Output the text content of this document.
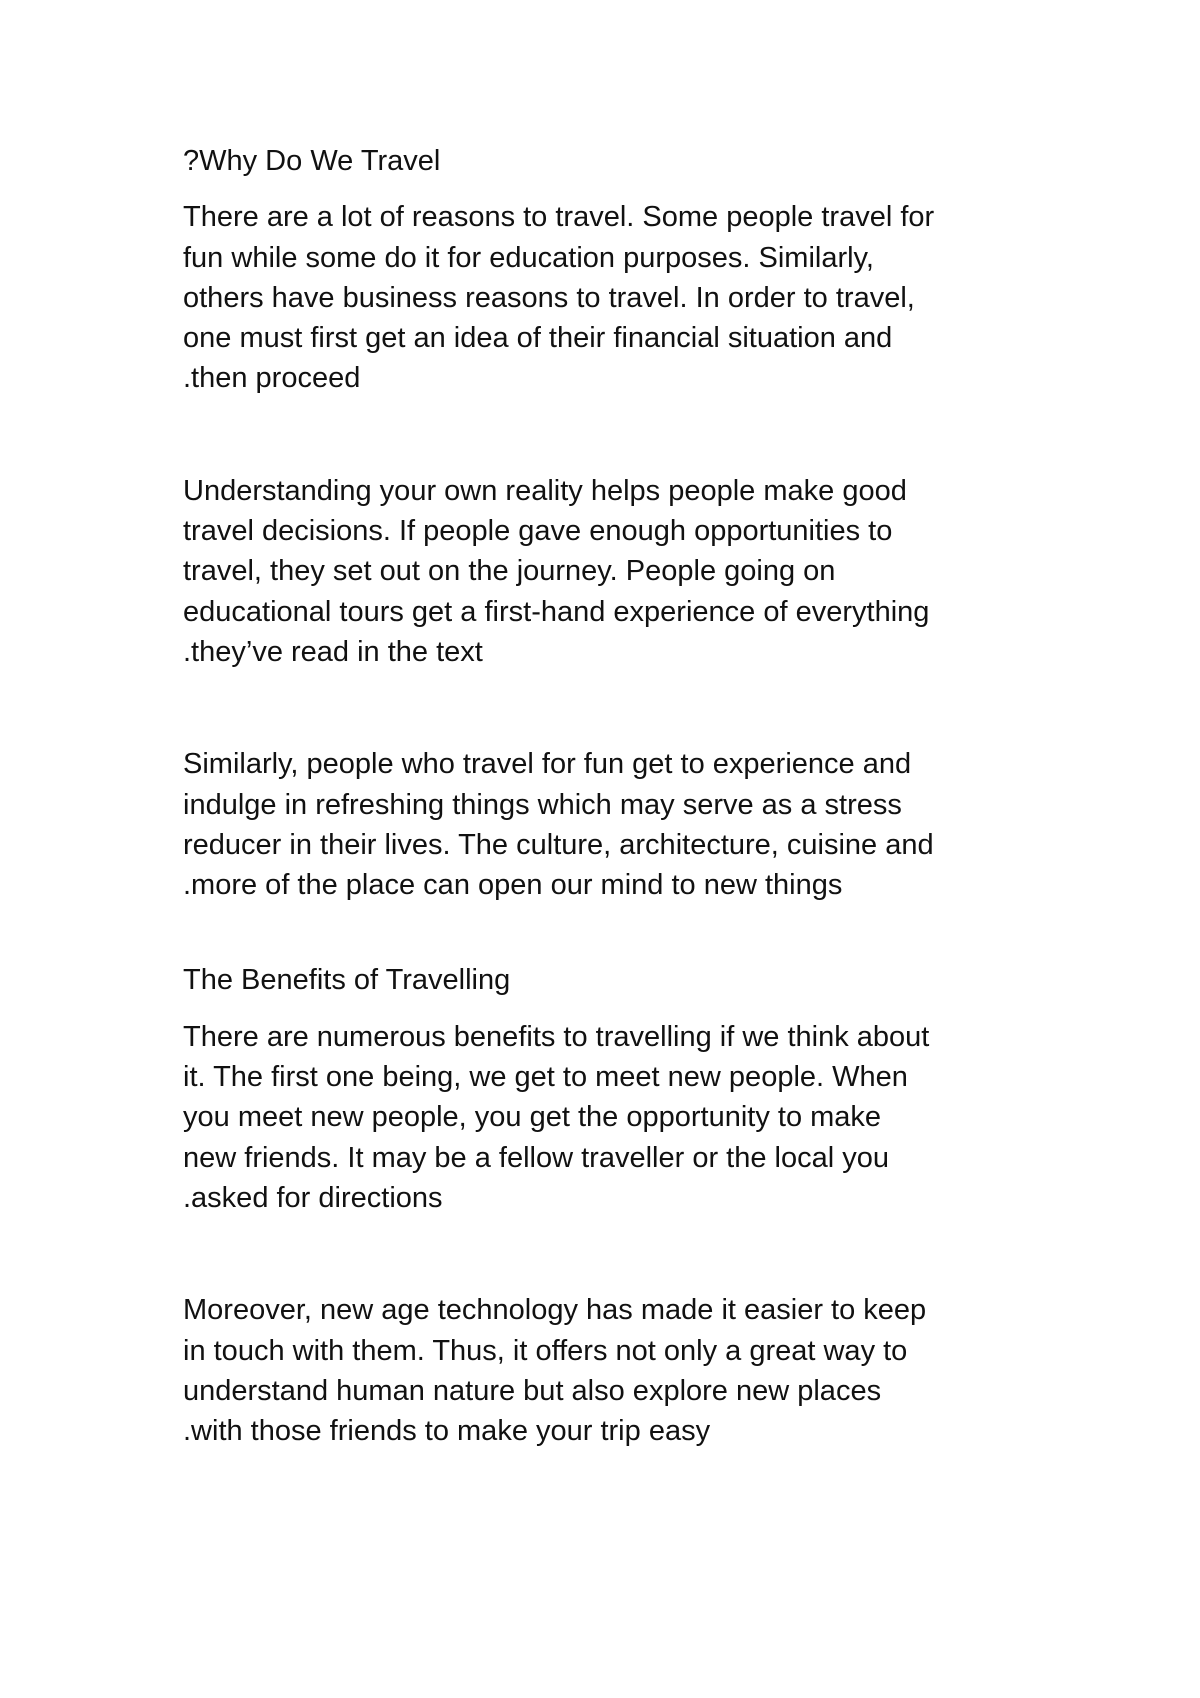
?Why Do We Travel

There are a lot of reasons to travel. Some people travel for
fun while some do it for education purposes. Similarly,
others have business reasons to travel. In order to travel,
one must first get an idea of their financial situation and
.then proceed

Understanding your own reality helps people make good
travel decisions. If people gave enough opportunities to
travel, they set out on the journey. People going on
educational tours get a first-hand experience of everything
.they’ve read in the text

Similarly, people who travel for fun get to experience and
indulge in refreshing things which may serve as a stress
reducer in their lives. The culture, architecture, cuisine and
.more of the place can open our mind to new things

The Benefits of Travelling

There are numerous benefits to travelling if we think about
it. The first one being, we get to meet new people. When
you meet new people, you get the opportunity to make
new friends. It may be a fellow traveller or the local you
.asked for directions

Moreover, new age technology has made it easier to keep
in touch with them. Thus, it offers not only a great way to
understand human nature but also explore new places
.with those friends to make your trip easy
